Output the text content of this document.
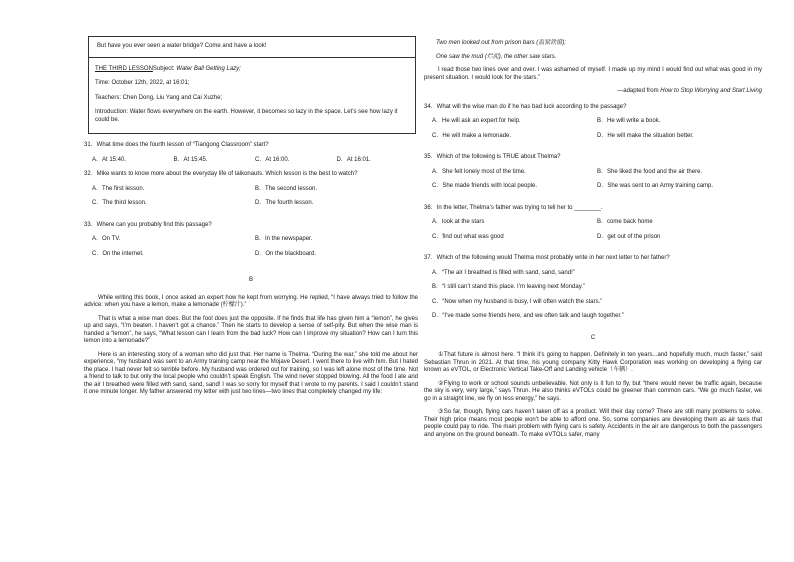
But have you ever seen a water bridge? Come and have a look!

THE THIRD LESSONSubject: Water Ball Getting Lazy;

Time: October 12th, 2022, at 16:01;

Teachers: Chen Dong, Liu Yang and Cai Xuzhe;

Introduction: Water flows everywhere on the earth. However, it becomes so lazy in the space. Let’s see how lazy it could be.

31．What time does the fourth lesson of “Tiangong Classroom” start?
A．At 15:40.	B．At 15:45.	C．At 16:00.	D．At 16:01.
32．Mike wants to know more about the everyday life of taikonauts. Which lesson is the best to watch?
A．The first lesson.	B．The second lesson.
C．The third lesson.	D．The fourth lesson.
33．Where can you probably find this passage?
A．On TV.	B．In the newspaper.
C．On the internet.	D．On the blackboard.
B

While writing this book, I once asked an expert how he kept from worrying. He replied, “I have always tried to follow the advice: when you have a lemon, make a lemonade (柠檬汁).”

That is what a wise man does. But the fool does just the opposite. If he finds that life has given him a “lemon”, he gives up and says, “I’m beaten. I haven’t got a chance.” Then he starts to develop a sense of self-pity. But when the wise man is handed a “lemon”, he says, “What lesson can I learn from the bad luck? How can I improve my situation? How can I turn this lemon into a lemonade?”

Here is an interesting story of a woman who did just that. Her name is Thelma. “During the war,” she told me about her experience, “my husband was sent to an Army training camp near the Mojave Desert. I went there to live with him. But I hated the place. I had never felt so terrible before. My husband was ordered out for training, so I was left alone most of the time. Not a friend to talk to but only the local people who couldn’t speak English. The wind never stopped blowing. All the food I ate and the air I breathed were filled with sand, sand, sand! I was so sorry for myself that I wrote to my parents. I said I couldn’t stand it one minute longer. My father answered my letter with just two lines—two lines that completely changed my life:

Two men looked out from prison bars (监狱铁窗);
One saw the mud (烂泥), the other saw stars.

I read those two lines over and over. I was ashamed of myself. I made up my mind I would find out what was good in my present situation. I would look for the stars.”

—adapted from How to Stop Worrying and Start Living
34．What will the wise man do if he has bad luck according to the passage?
A．He will ask an expert for help.	B．He will write a book.
C．He will make a lemonade.	D．He will make the situation better.
35．Which of the following is TRUE about Thelma?
A．She felt lonely most of the time.	B．She liked the food and the air there.
C．She made friends with local people.	D．She was sent to an Army training camp.
36．In the letter, Thelma’s father was trying to tell her to ________.
A．look at the stars	B．come back home
C．find out what was good	D．get out of the prison
37．Which of the following would Thelma most probably write in her next letter to her father?
A．“The air I breathed is filled with sand, sand, sand!”
B．“I still can’t stand this place. I’m leaving next Monday.”
C．“Now when my husband is busy, I will often watch the stars.”
D．“I’ve made some friends here, and we often talk and laugh together.”
C

①That future is almost here. “I think it’s going to happen. Definitely in ten years...and hopefully much, much faster,” said Sebastian Thrun in 2021. At that time, his young company Kitty Hawk Corporation was working on developing a flying car known as eVTOL, or Electronic Vertical Take-Off and Landing vehicle（车辆）.

②Flying to work or school sounds unbelievable. Not only is it fun to fly, but “there would never be traffic again, because the sky is very, very large,” says Thrun. He also thinks eVTOLs could be greener than common cars. “We go much faster, we go in a straight line, we fly on less energy,” he says.

③So far, though, flying cars haven’t taken off as a product. Will their day come? There are still many problems to solve. Their high price means most people won’t be able to afford one. So, some companies are developing them as air taxis that people could pay to ride. The main problem with flying cars is safety. Accidents in the air are dangerous to both the passengers and anyone on the ground beneath. To make eVTOLs safer, many
